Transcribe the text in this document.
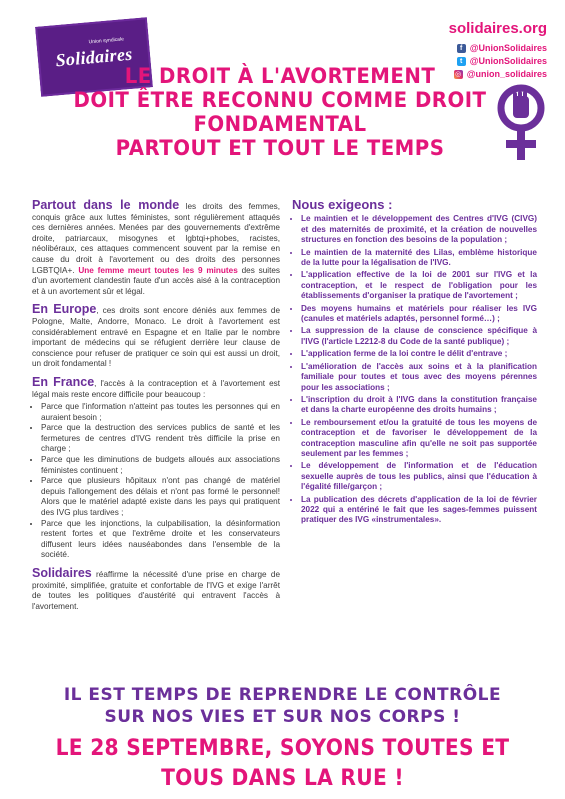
Union syndicale
Solidaires
solidaires.org
f @UnionSolidaires
t @UnionSolidaires
◎ @union_solidaires
LE DROIT À L'AVORTEMENT
DOIT ÊTRE RECONNU COMME DROIT FONDAMENTAL
PARTOUT ET TOUT LE TEMPS

Partout dans le monde les droits des femmes, conquis grâce aux luttes féministes, sont régulièrement attaqués ces dernières années. Menées par des gouvernements d'extrême droite, patriarcaux, misogynes et lgbtqi+phobes, racistes, néolibéraux, ces attaques commencent souvent par la remise en cause du droit à l'avortement ou des droits des personnes LGBTQIA+. Une femme meurt toutes les 9 minutes des suites d'un avortement clandestin faute d'un accès aisé à la contraception et à un avortement sûr et légal.

En Europe, ces droits sont encore déniés aux femmes de Pologne, Malte, Andorre, Monaco. Le droit à l'avortement est considérablement entravé en Espagne et en Italie par le nombre important de médecins qui se réfugient derrière leur clause de conscience pour refuser de pratiquer ce soin qui est aussi un droit, un droit fondamental !

En France, l'accès à la contraception et à l'avortement est légal mais reste encore difficile pour beaucoup :

• Parce que l'information n'atteint pas toutes les personnes qui en auraient besoin ;
• Parce que la destruction des services publics de santé et les fermetures de centres d'IVG rendent très difficile la prise en charge ;
• Parce que les diminutions de budgets alloués aux associations féministes continuent ;
• Parce que plusieurs hôpitaux n'ont pas changé de matériel depuis l'allongement des délais et n'ont pas formé le personnel! Alors que le matériel adapté existe dans les pays qui pratiquent des IVG plus tardives ;
• Parce que les injonctions, la culpabilisation, la désinformation restent fortes et que l'extrême droite et les conservateurs diffusent leurs idées nauséabondes dans l'ensemble de la société.

Solidaires réaffirme la nécessité d'une prise en charge de proximité, simplifiée, gratuite et confortable de l'IVG et exige l'arrêt de toutes les politiques d'austérité qui entravent l'accès à l'avortement.

Nous exigeons :
• Le maintien et le développement des Centres d'IVG (CIVG) et des maternités de proximité, et la création de nouvelles structures en fonction des besoins de la population ;
• Le maintien de la maternité des Lilas, emblème historique de la lutte pour la légalisation de l'IVG.
• L'application effective de la loi de 2001 sur l'IVG et la contraception, et le respect de l'obligation pour les établissements d'organiser la pratique de l'avortement ;
• Des moyens humains et matériels pour réaliser les IVG (canules et matériels adaptés, personnel formé…) ;
• La suppression de la clause de conscience spécifique à l'IVG (l'article L2212-8 du Code de la santé publique) ;
• L'application ferme de la loi contre le délit d'entrave ;
• L'amélioration de l'accès aux soins et à la planification familiale pour toutes et tous avec des moyens pérennes pour les associations ;
• L'inscription du droit à l'IVG dans la constitution française et dans la charte européenne des droits humains ;
• Le remboursement et/ou la gratuité de tous les moyens de contraception et de favoriser le développement de la contraception masculine afin qu'elle ne soit pas supportée seulement par les femmes ;
• Le développement de l'information et de l'éducation sexuelle auprès de tous les publics, ainsi que l'éducation à l'égalité fille/garçon ;
• La publication des décrets d'application de la loi de février 2022 qui a entériné le fait que les sages-femmes puissent pratiquer des IVG «instrumentales».
IL EST TEMPS DE REPRENDRE LE CONTRÔLE
SUR NOS VIES ET SUR NOS CORPS !
LE 28 SEPTEMBRE, SOYONS TOUTES ET TOUS DANS LA RUE !
